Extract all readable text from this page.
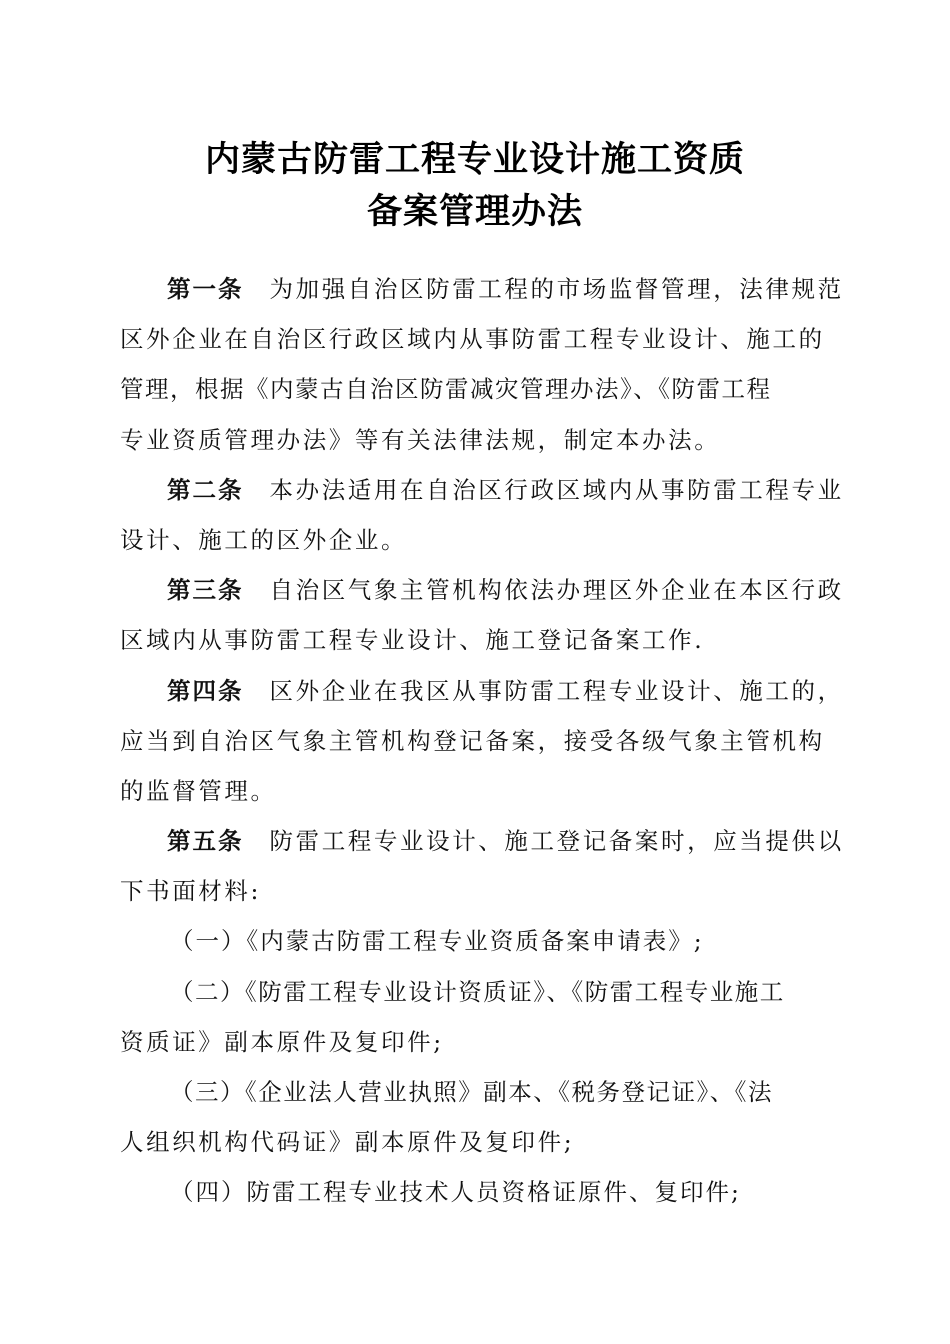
内蒙古防雷工程专业设计施工资质
备案管理办法
第一条 为加强自治区防雷工程的市场监督管理，法律规范
区外企业在自治区行政区域内从事防雷工程专业设计、施工的
管理，根据《内蒙古自治区防雷减灾管理办法》、《防雷工程
专业资质管理办法》等有关法律法规，制定本办法。
第二条 本办法适用在自治区行政区域内从事防雷工程专业
设计、施工的区外企业。
第三条 自治区气象主管机构依法办理区外企业在本区行政
区域内从事防雷工程专业设计、施工登记备案工作.
第四条 区外企业在我区从事防雷工程专业设计、施工的，
应当到自治区气象主管机构登记备案，接受各级气象主管机构
的监督管理。
第五条 防雷工程专业设计、施工登记备案时，应当提供以
下书面材料:
（一）《内蒙古防雷工程专业资质备案申请表》;
（二）《防雷工程专业设计资质证》、《防雷工程专业施工
资质证》副本原件及复印件;
（三）《企业法人营业执照》副本、《税务登记证》、《法
人组织机构代码证》副本原件及复印件;
（四）防雷工程专业技术人员资格证原件、复印件;
